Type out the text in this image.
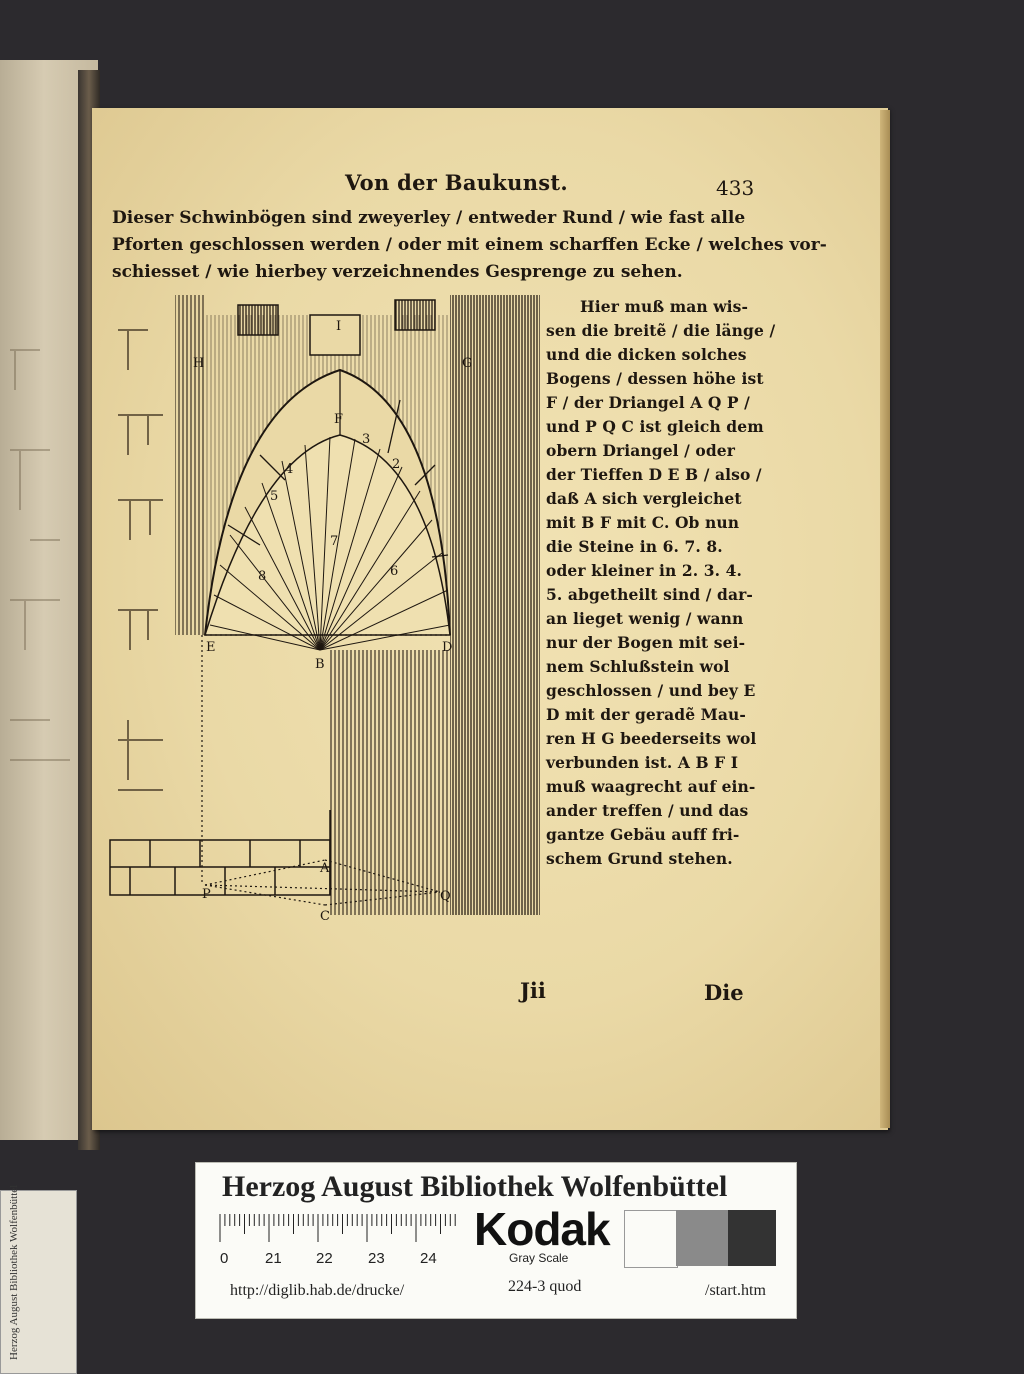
Von der Baukunst.	433
Dieser Schwinbögen sind zweyerley / entweder Rund / wie fast alle
Pforten geschlossen werden / oder mit einem scharffen Ecke / welches vor-
schiesset / wie hierbey verzeichnendes Gesprenge zu sehen.
Hier muß man wis-
sen die breitẽ / die länge /
und die dicken solches
Bogens / dessen höhe ist
F / der Driangel A Q P /
und P Q C ist gleich dem
obern Driangel / oder
der Tieffen D E B / also /
daß A sich vergleichet
mit B F mit C. Ob nun
die Steine in 6. 7. 8.
oder kleiner in 2. 3. 4.
5. abgetheilt sind / dar-
an lieget wenig / wann
nur der Bogen mit sei-
nem Schlußstein wol
geschlossen / und bey E
D mit der geradẽ Mau-
ren H G beederseits wol
verbunden ist. A B F I
muß waagrecht auf ein-
ander treffen / und das
gantze Gebäu auff fri-
schem Grund stehen.
H	G
I
F
E	D
B
A
P	Q
C
2
3
4
5
6
7
8
Jii	Die
Herzog August Bibliothek Wolfenbüttel
0 21 22 23 24
Kodak
Gray Scale
http://diglib.hab.de/drucke/	224-3 quod	/start.htm
Herzog August Bibliothek Wolfenbüttel
